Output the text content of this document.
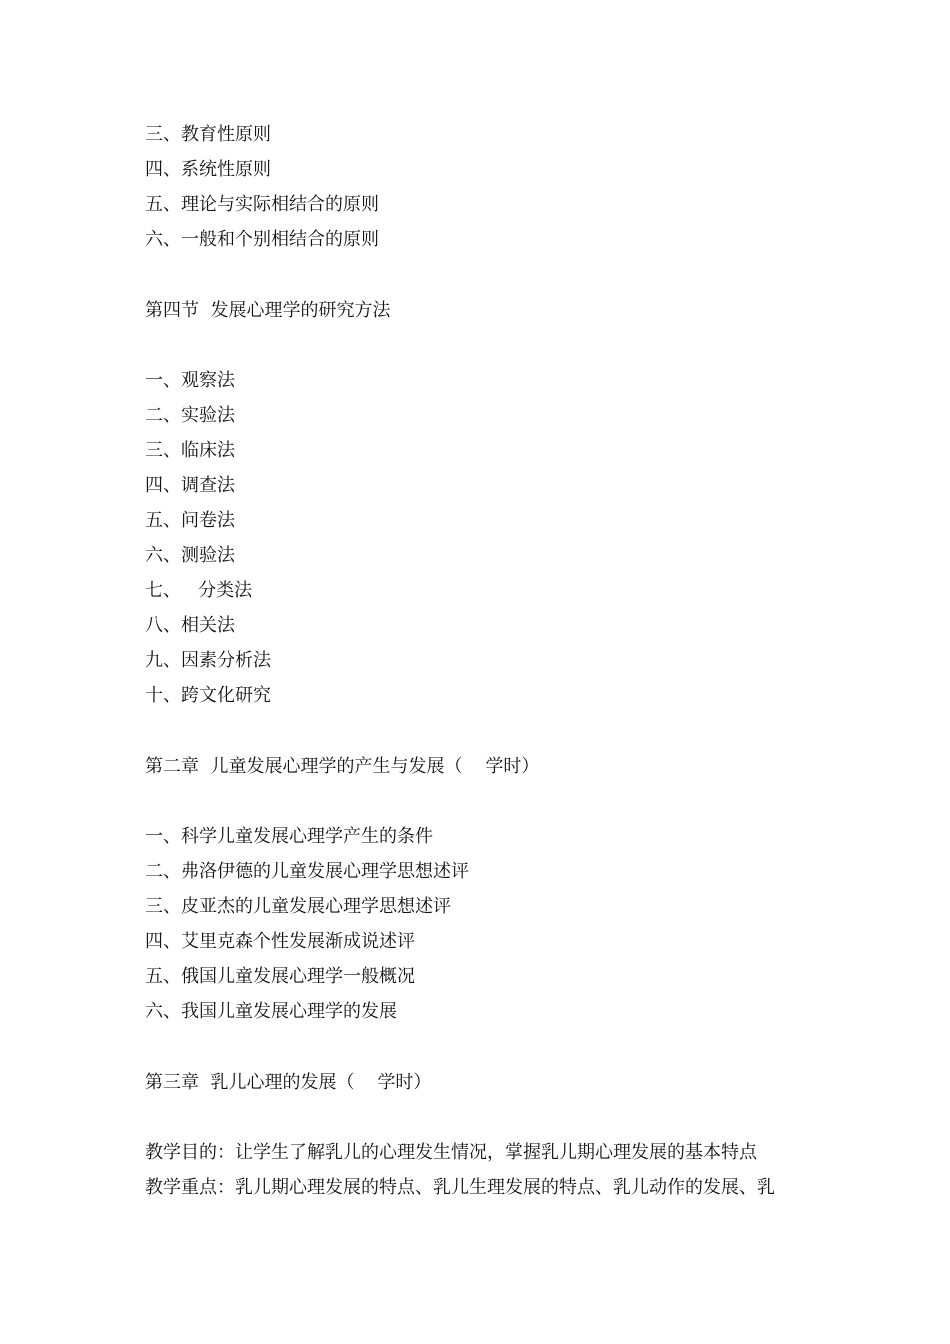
三、教育性原则
四、系统性原则
五、理论与实际相结合的原则
六、一般和个别相结合的原则
第四节  发展心理学的研究方法
一、观察法
二、实验法
三、临床法
四、调查法
五、问卷法
六、测验法
七、   分类法
八、相关法
九、因素分析法
十、跨文化研究
第二章  儿童发展心理学的产生与发展（    学时）
一、科学儿童发展心理学产生的条件
二、弗洛伊德的儿童发展心理学思想述评
三、皮亚杰的儿童发展心理学思想述评
四、艾里克森个性发展渐成说述评
五、俄国儿童发展心理学一般概况
六、我国儿童发展心理学的发展
第三章  乳儿心理的发展（    学时）
教学目的：让学生了解乳儿的心理发生情况，掌握乳儿期心理发展的基本特点
教学重点：乳儿期心理发展的特点、乳儿生理发展的特点、乳儿动作的发展、乳
